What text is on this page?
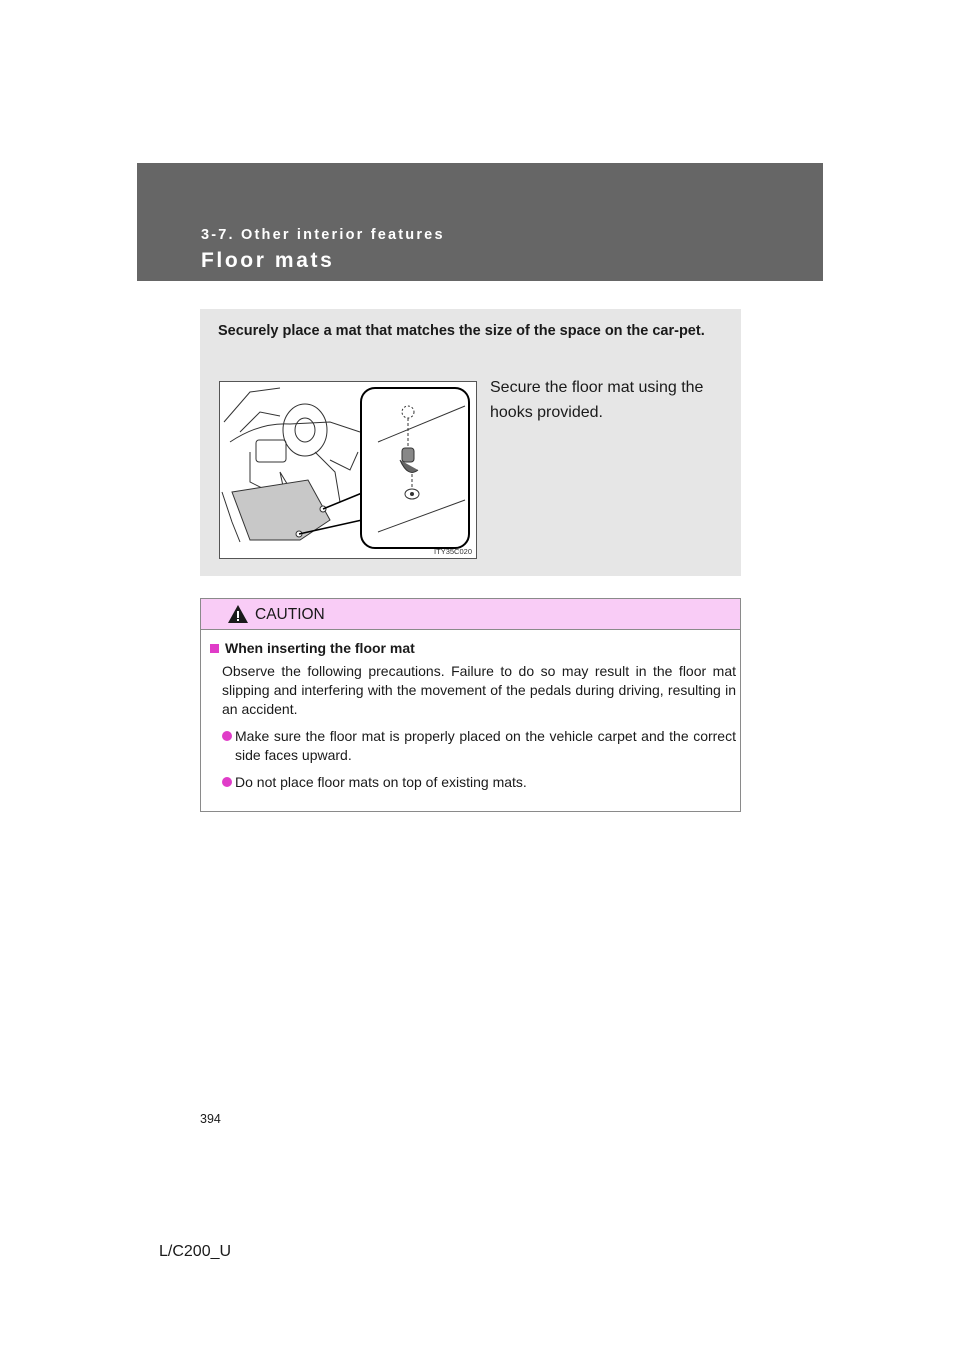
3-7. Other interior features
Floor mats
Securely place a mat that matches the size of the space on the car-pet.
ITY35C020
Secure the floor mat using the hooks provided.
CAUTION
When inserting the floor mat
Observe the following precautions. Failure to do so may result in the floor mat slipping and interfering with the movement of the pedals during driving, resulting in an accident.
Make sure the floor mat is properly placed on the vehicle carpet and the correct side faces upward.
Do not place floor mats on top of existing mats.
394
L/C200_U
